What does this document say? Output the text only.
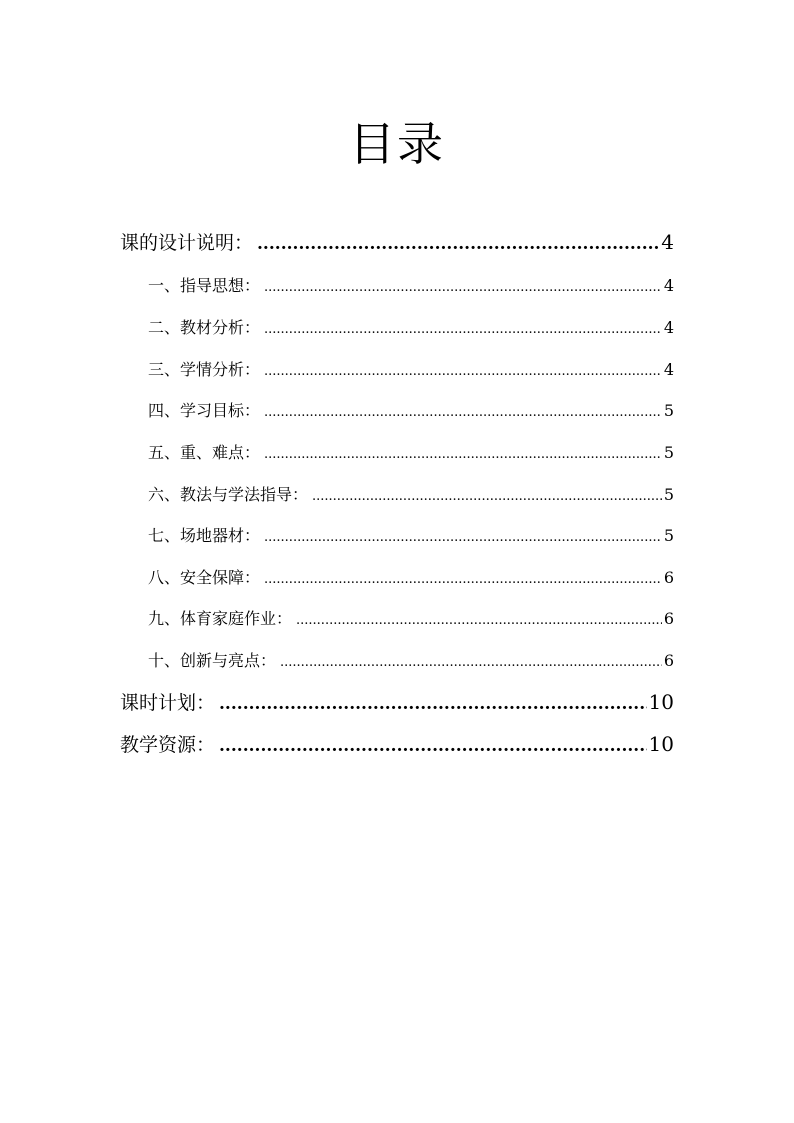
目录
课的设计说明： .....	4
一、指导思想： .....	4
二、教材分析： .....	4
三、学情分析： .....	4
四、学习目标： .....	5
五、重、难点： .....	5
六、教法与学法指导： .....	5
七、场地器材： .....	5
八、安全保障： .....	6
九、体育家庭作业： .....	6
十、创新与亮点： .....	6
课时计划： .....	10
教学资源： .....	10
